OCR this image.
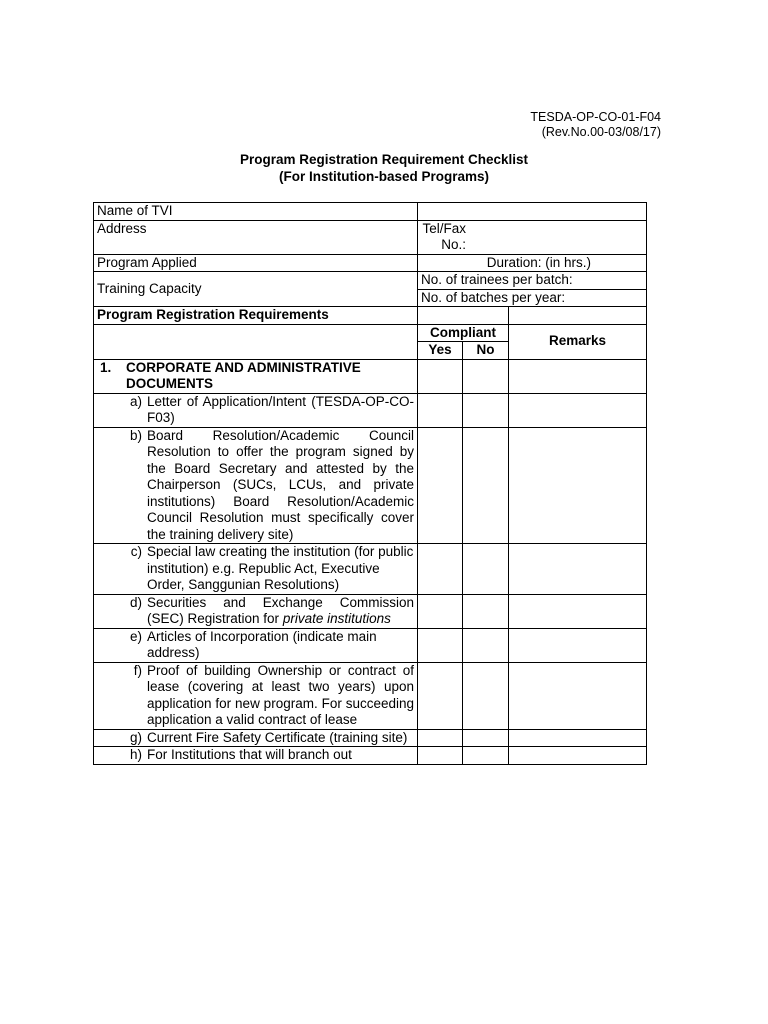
TESDA-OP-CO-01-F04
(Rev.No.00-03/08/17)
Program Registration Requirement Checklist
(For Institution-based Programs)
Name of TVI			
Address	Tel/Fax No.:		
Program Applied	Duration: (in hrs.)		
Training Capacity	No. of trainees per batch:		
	No. of batches per year:		
Program Registration Requirements			
	Compliant		Remarks
	Yes	No	

1. CORPORATE AND ADMINISTRATIVE DOCUMENTS			

a) Letter of Application/Intent (TESDA-OP-CO-F03)			

b) Board Resolution/Academic Council Resolution to offer the program signed by the Board Secretary and attested by the Chairperson (SUCs, LCUs, and private institutions) Board Resolution/Academic Council Resolution must specifically cover the training delivery site)			

c) Special law creating the institution (for public institution) e.g. Republic Act, Executive Order, Sanggunian Resolutions)			

d) Securities and Exchange Commission (SEC) Registration for private institutions			

e) Articles of Incorporation (indicate main address)			

f) Proof of building Ownership or contract of lease (covering at least two years) upon application for new program. For succeeding application a valid contract of lease			

g) Current Fire Safety Certificate (training site)			

h) For Institutions that will branch out			
